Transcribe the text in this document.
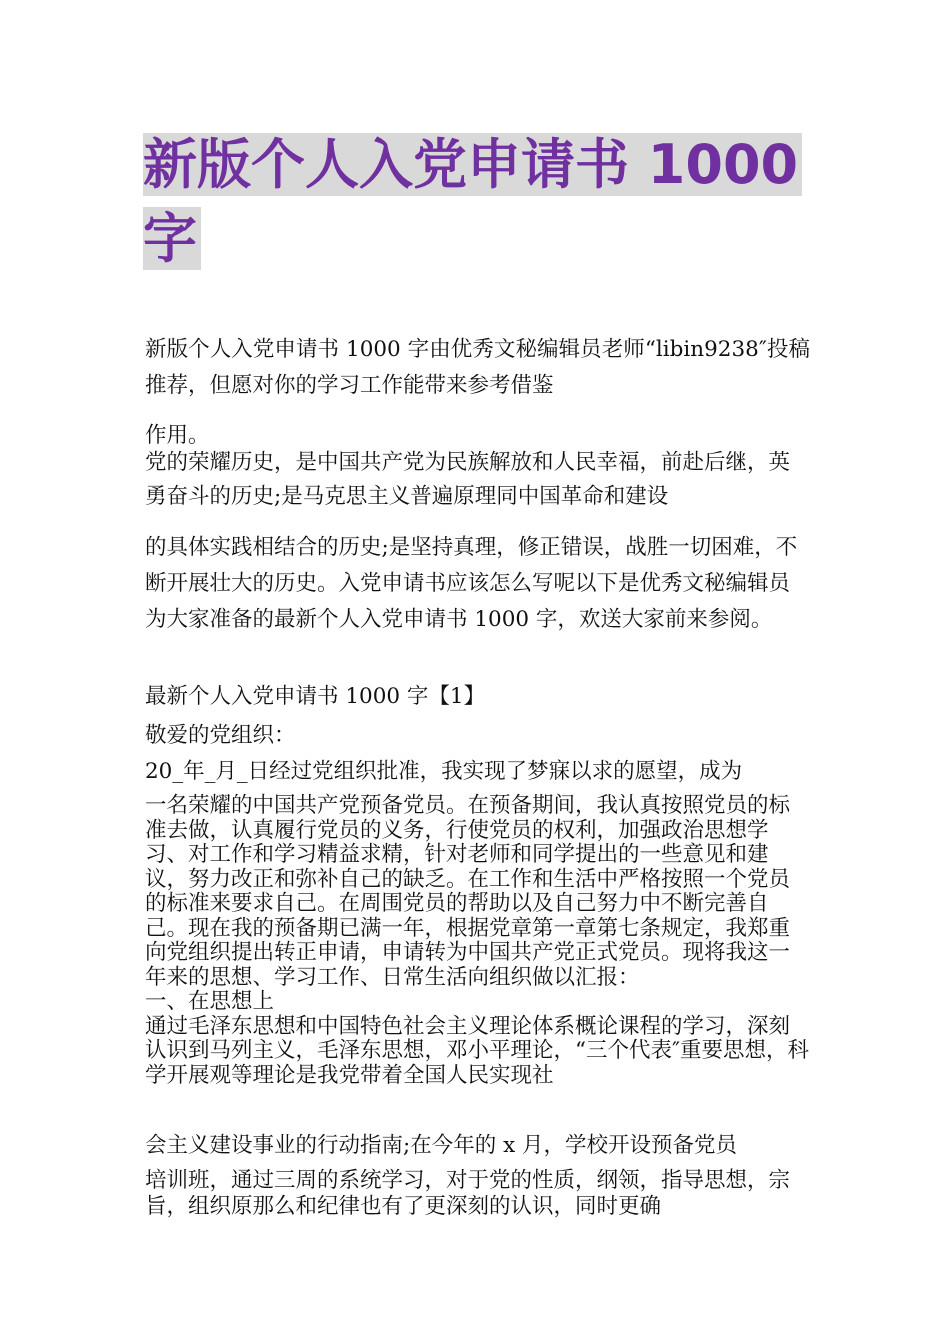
新版个人入党申请书 1000
字

新版个人入党申请书 1000 字由优秀文秘编辑员老师“libin9238″投稿推荐，但愿对你的学习工作能带来参考借鉴

作用。

党的荣耀历史，是中国共产党为民族解放和人民幸福，前赴后继，英勇奋斗的历史;是马克思主义普遍原理同中国革命和建设

的具体实践相结合的历史;是坚持真理，修正错误，战胜一切困难，不断开展壮大的历史。入党申请书应该怎么写呢以下是优秀文秘编辑员为大家准备的最新个人入党申请书 1000 字，欢送大家前来参阅。

最新个人入党申请书 1000 字【1】

敬爱的党组织：

20_年_月_日经过党组织批准，我实现了梦寐以求的愿望，成为

一名荣耀的中国共产党预备党员。在预备期间，我认真按照党员的标准去做，认真履行党员的义务，行使党员的权利，加强政治思想学习、对工作和学习精益求精，针对老师和同学提出的一些意见和建议，努力改正和弥补自己的缺乏。在工作和生活中严格按照一个党员的标准来要求自己。在周围党员的帮助以及自己努力中不断完善自己。现在我的预备期已满一年，根据党章第一章第七条规定，我郑重向党组织提出转正申请，申请转为中国共产党正式党员。现将我这一年来的思想、学习工作、日常生活向组织做以汇报：
一、在思想上
通过毛泽东思想和中国特色社会主义理论体系概论课程的学习，深刻认识到马列主义，毛泽东思想，邓小平理论，“三个代表″重要思想，科学开展观等理论是我党带着全国人民实现社

会主义建设事业的行动指南;在今年的 x 月，学校开设预备党员

培训班，通过三周的系统学习，对于党的性质，纲领，指导思想，宗旨，组织原那么和纪律也有了更深刻的认识，同时更确
